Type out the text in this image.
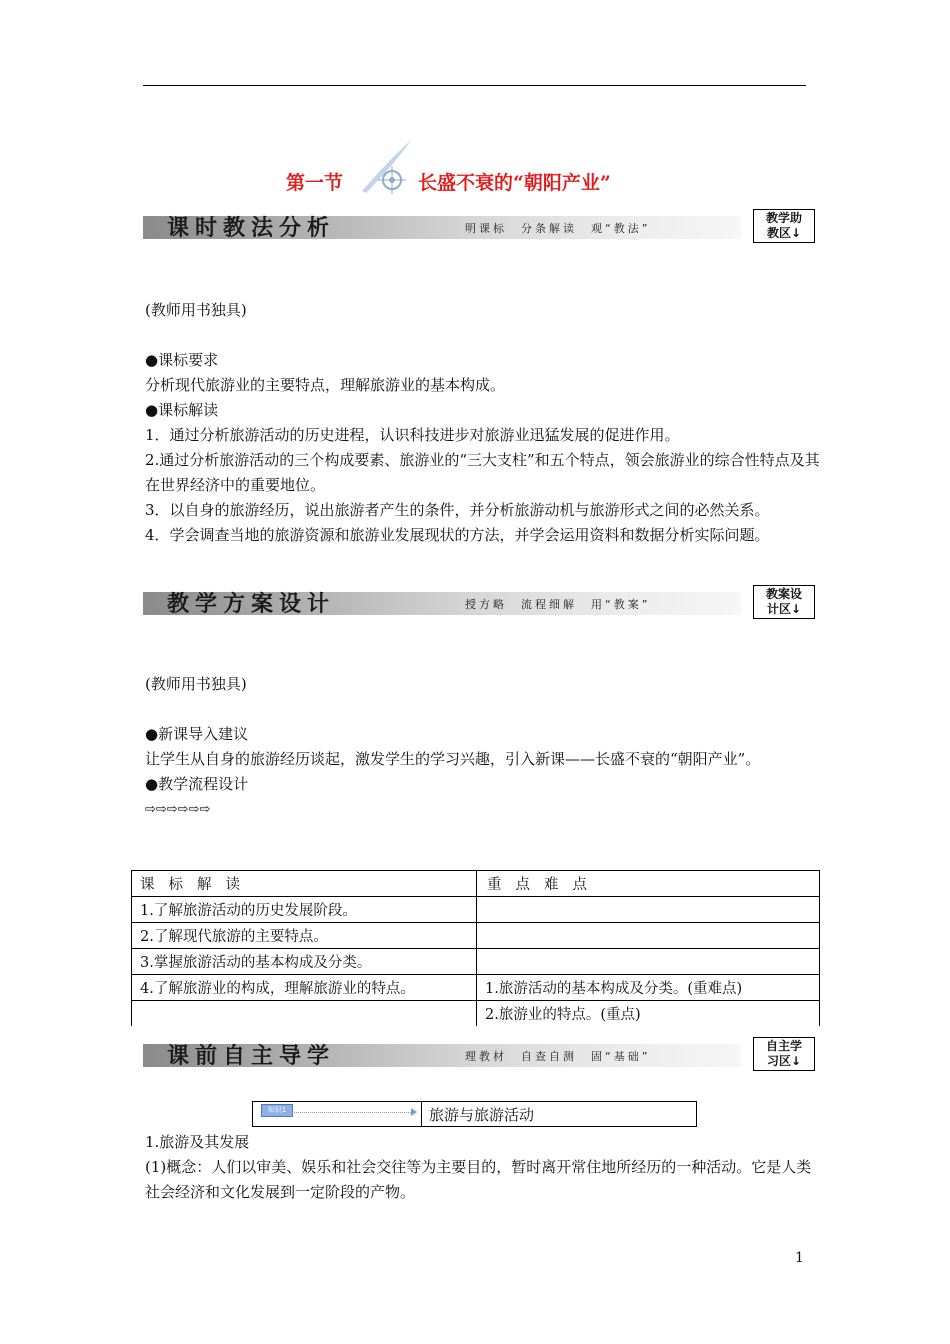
第一节	长盛不衰的“朝阳产业”
课时教法分析	明课标　分条解读　观“教法”
教学助
教区↓

(教师用书独具)

●课标要求

分析现代旅游业的主要特点，理解旅游业的基本构成。

●课标解读

1．通过分析旅游活动的历史进程，认识科技进步对旅游业迅猛发展的促进作用。

2.通过分析旅游活动的三个构成要素、旅游业的“三大支柱”和五个特点，领会旅游业的综合性特点及其在世界经济中的重要地位。

3．以自身的旅游经历，说出旅游者产生的条件，并分析旅游动机与旅游形式之间的必然关系。

4．学会调查当地的旅游资源和旅游业发展现状的方法，并学会运用资料和数据分析实际问题。

教学方案设计	授方略　流程细解　用“教案”
教案设
计区↓

(教师用书独具)

●新课导入建议

让学生从自身的旅游经历谈起，激发学生的学习兴趣，引入新课——长盛不衰的“朝阳产业”。

●教学流程设计

⇨⇨⇨⇨⇨⇨

课标解读	重点难点
1.了解旅游活动的历史发展阶段。	
2.了解现代旅游的主要特点。	
3.掌握旅游活动的基本构成及分类。	
4.了解旅游业的构成，理解旅游业的特点。	1.旅游活动的基本构成及分类。(重难点)
	2.旅游业的特点。(重点)
课前自主导学	理教材　自查自测　固“基础”
自主学
习区↓
知识1	旅游与旅游活动

1.旅游及其发展

(1)概念：人们以审美、娱乐和社会交往等为主要目的，暂时离开常住地所经历的一种活动。它是人类社会经济和文化发展到一定阶段的产物。

1
